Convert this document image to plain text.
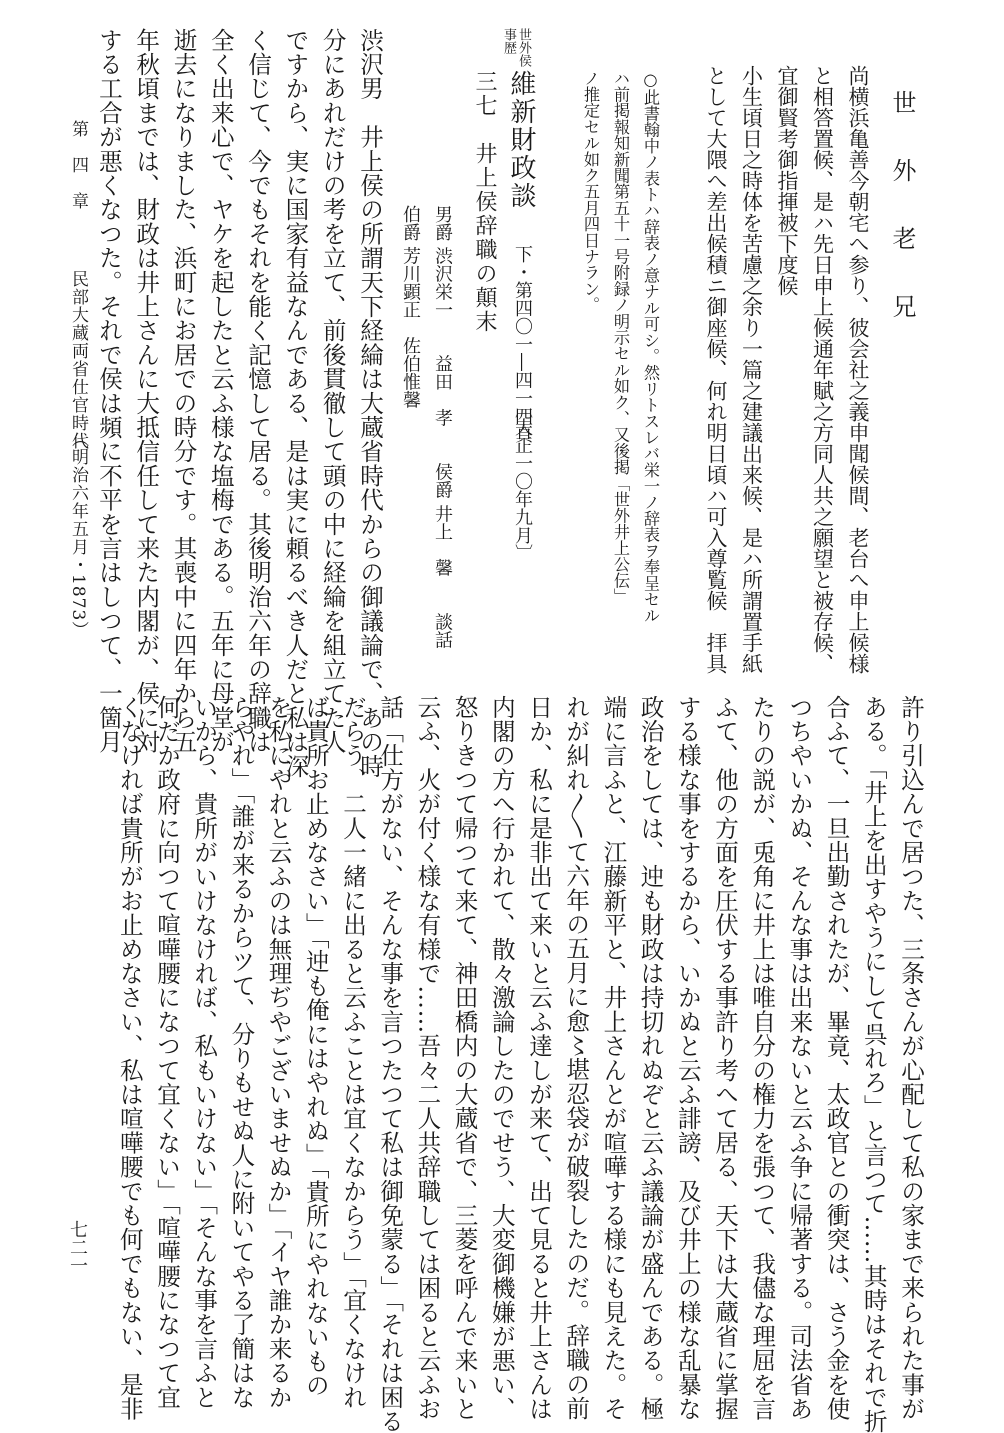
世　外　老　兄
尚横浜亀善今朝宅へ参り、彼会社之義申聞候間、老台へ申上候様
と相答置候、是ハ先日申上候通年賦之方同人共之願望と被存候、
宜御賢考御指揮被下度候
小生頃日之時体を苦慮之余り一篇之建議出来候、是ハ所謂置手紙
として大隈へ差出候積ニ御座候、何れ明日頃ハ可入尊覧候　拝具
○此書翰中ノ表トハ辞表ノ意ナル可シ。然リトスレバ栄一ノ辞表ヲ奉呈セル
ハ前掲報知新聞第五十一号附録ノ明示セル如ク、又後掲「世外井上公伝」
ノ推定セル如ク五月四日ナラン。
世外侯
事歴
維新財政談
下・第四〇一―四一四頁
〔大正一〇年九月〕
三七　井上侯辞職の顛末
男爵 渋沢栄一　　益田　孝　　侯爵 井上　馨　　談話
伯爵 芳川顕正　佐伯惟馨
渋沢男　井上侯の所謂天下経綸は大蔵省時代からの御議論で、あの時
分にあれだけの考を立て、前後貫徹して頭の中に経綸を組立てた人
ですから、実に国家有益なんである、是は実に頼るべき人だと私は深
く信じて、今でもそれを能く記憶して居る。其後明治六年の辞職は
全く出来心で、ヤケを起したと云ふ様な塩梅である。五年に母堂が
逝去になりました、浜町にお居での時分です。其喪中に四年から五
年秋頃までは、財政は井上さんに大抵信任して来た内閣が、侯に対
する工合が悪くなつた。それで侯は頻に不平を言はしつて、一箇月
第　四　章
民部大蔵両省仕官時代
（明治六年五月・1873）
許り引込んで居つた、三条さんが心配して私の家まで来られた事が
ある。「井上を出すやうにして呉れろ」と言つて……其時はそれで折
合ふて、一旦出勤されたが、畢竟、太政官との衝突は、さう金を使
つちやいかぬ、そんな事は出来ないと云ふ争に帰著する。司法省あ
たりの説が、兎角に井上は唯自分の権力を張つて、我儘な理屈を言
ふて、他の方面を圧伏する事許り考へて居る、天下は大蔵省に掌握
する様な事をするから、いかぬと云ふ誹謗、及び井上の様な乱暴な
政治をしては、迚も財政は持切れぬぞと云ふ議論が盛んである。極
端に言ふと、江藤新平と、井上さんとが喧嘩する様にも見えた。そ
れが糾れ〳〵て六年の五月に愈〻堪忍袋が破裂したのだ。辞職の前
日か、私に是非出て来いと云ふ達しが来て、出て見ると井上さんは
内閣の方へ行かれて、散々激論したのでせう、大変御機嫌が悪い、
怒りきつて帰つて来て、神田橋内の大蔵省で、三菱を呼んで来いと
云ふ、火が付く様な有様で……吾々二人共辞職しては困ると云ふお
話「仕方がない、そんな事を言つたつて私は御免蒙る」「それは困る
だらう、二人一緒に出ると云ふことは宜くなからう」「宜くなけれ
ば貴所お止めなさい」「迚も俺にはやれぬ」「貴所にやれないもの
を私にやれと云ふのは無理ぢやございませぬか」「イヤ誰か来るか
らやれ」「誰が来るからツて、分りもせぬ人に附いてやる了簡はな
いから、貴所がいけなければ、私もいけない」「そんな事を言ふと
何だか政府に向つて喧嘩腰になつて宜くない」「喧嘩腰になつて宜
くなければ貴所がお止めなさい、私は喧嘩腰でも何でもない、是非
七二一
